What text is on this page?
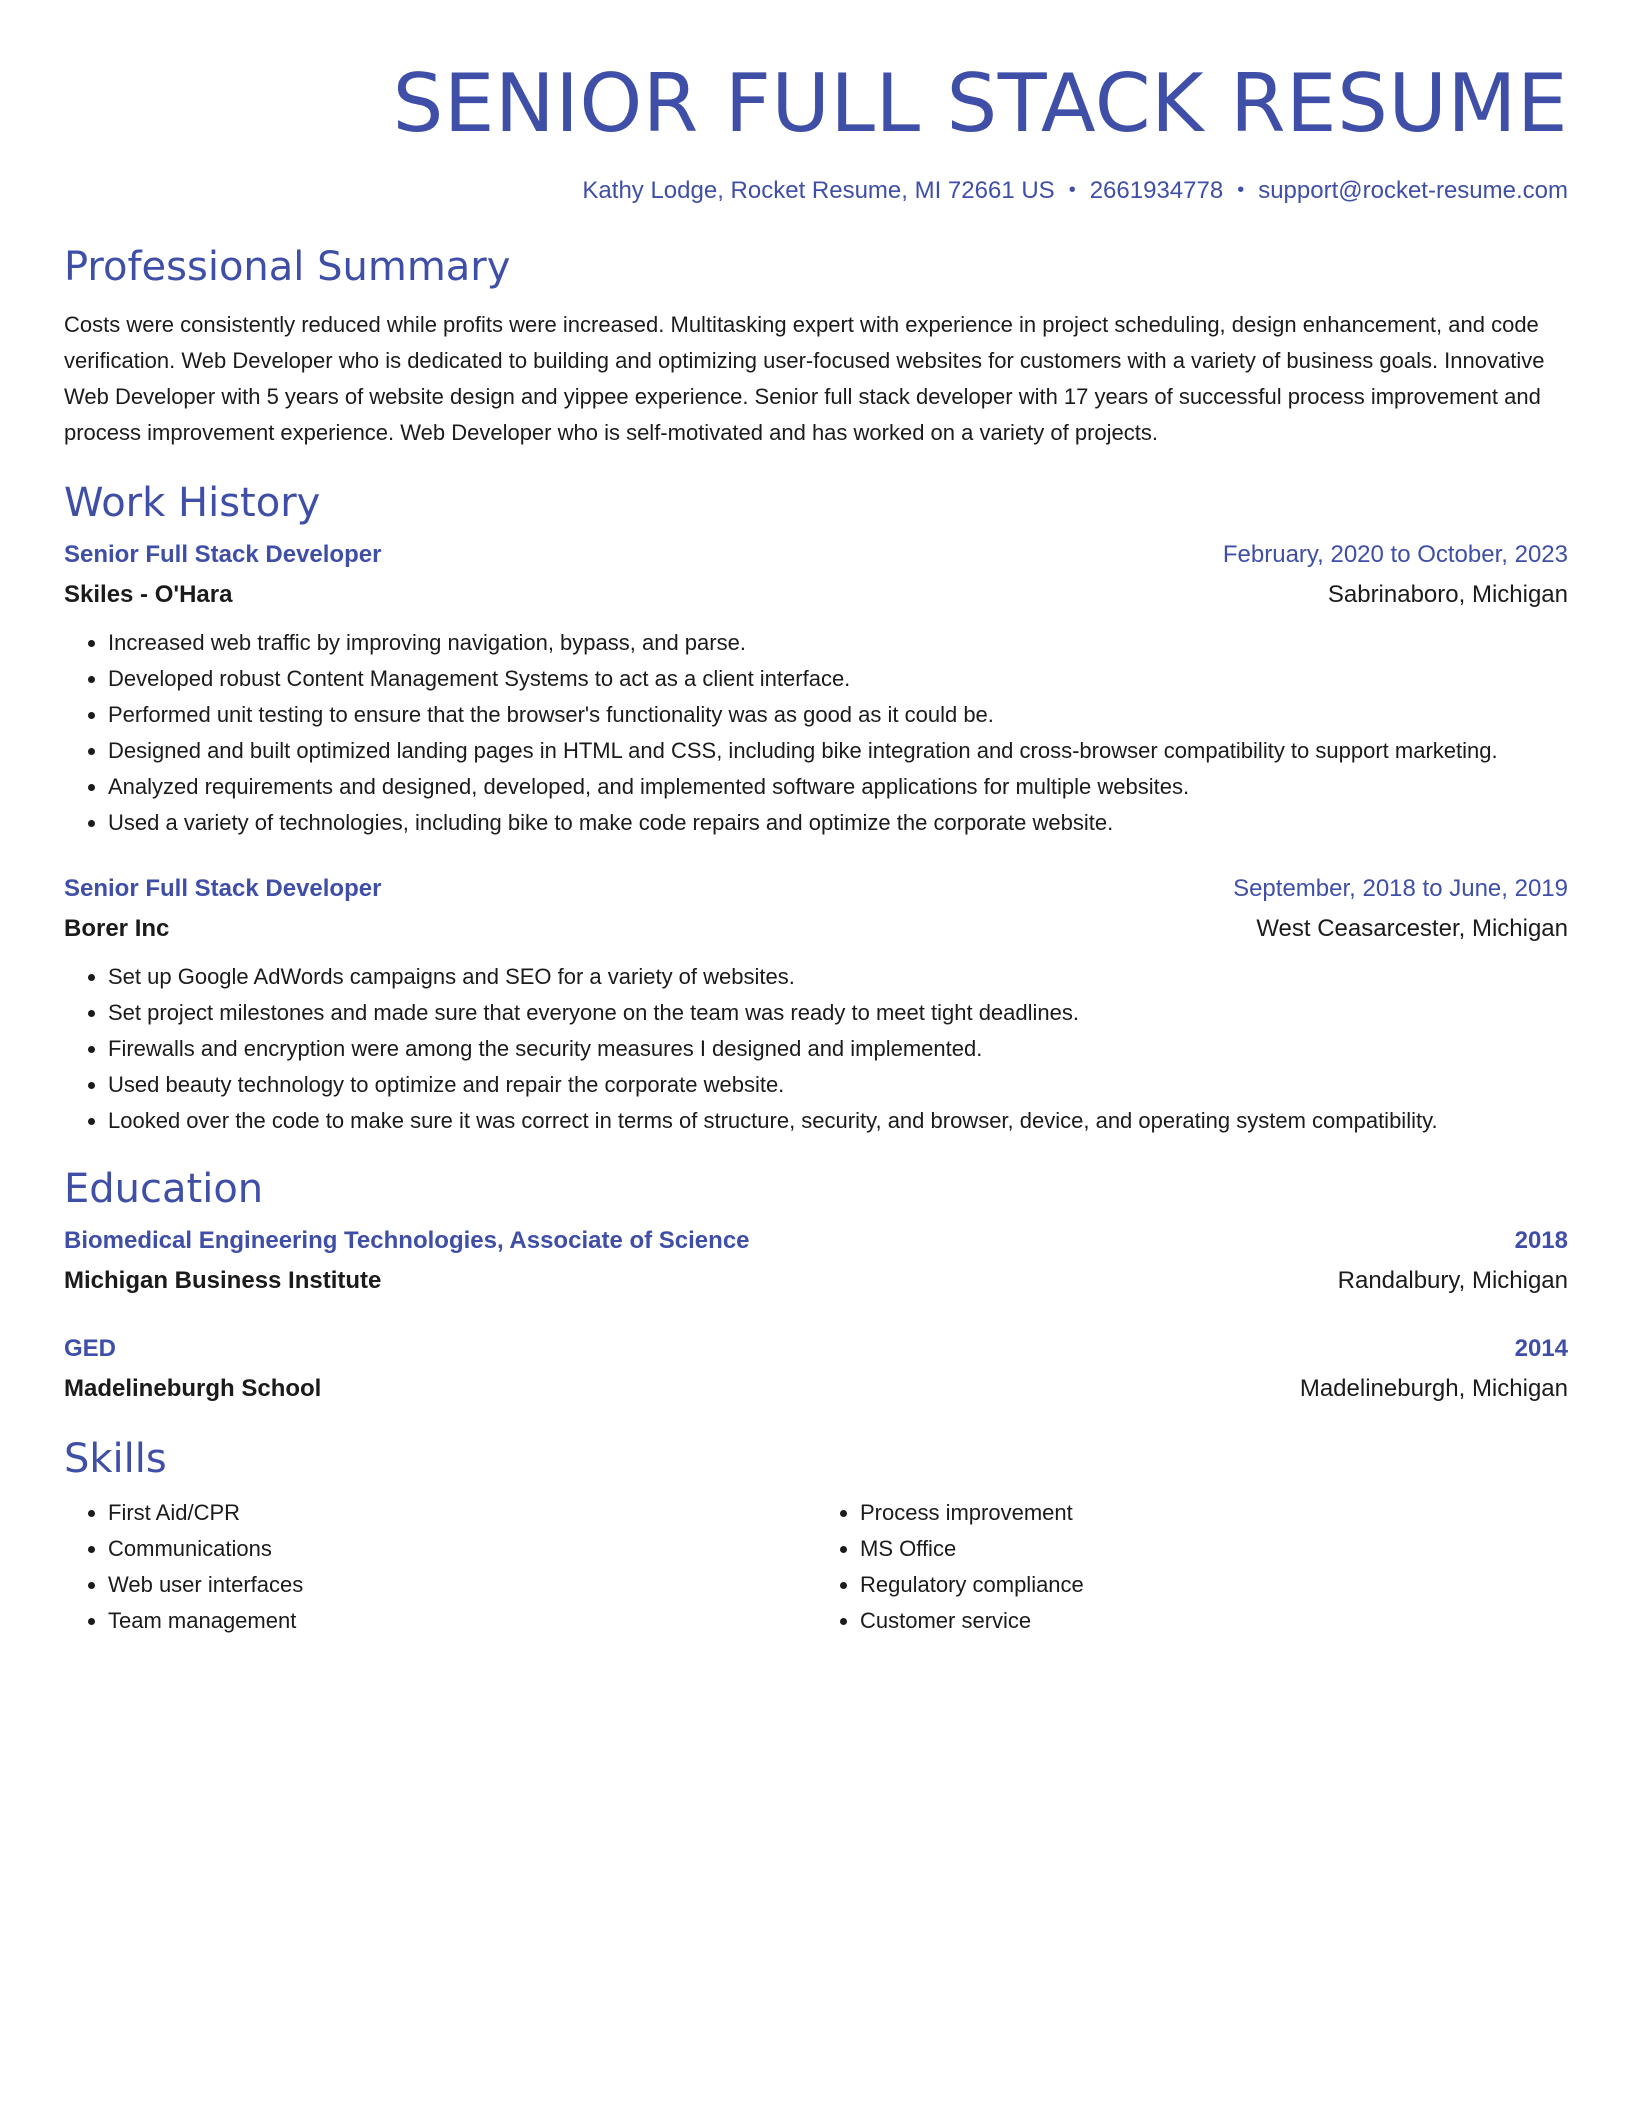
SENIOR FULL STACK RESUME
Kathy Lodge, Rocket Resume, MI 72661 US • 2661934778 • support@rocket-resume.com
Professional Summary

Costs were consistently reduced while profits were increased. Multitasking expert with experience in project scheduling, design enhancement, and code verification. Web Developer who is dedicated to building and optimizing user-focused websites for customers with a variety of business goals. Innovative Web Developer with 5 years of website design and yippee experience. Senior full stack developer with 17 years of successful process improvement and process improvement experience. Web Developer who is self-motivated and has worked on a variety of projects.

Work History
Senior Full Stack Developer	February, 2020 to October, 2023
Skiles - O'Hara	Sabrinaboro, Michigan
• Increased web traffic by improving navigation, bypass, and parse.
• Developed robust Content Management Systems to act as a client interface.
• Performed unit testing to ensure that the browser's functionality was as good as it could be.
• Designed and built optimized landing pages in HTML and CSS, including bike integration and cross-browser compatibility to support marketing.
• Analyzed requirements and designed, developed, and implemented software applications for multiple websites.
• Used a variety of technologies, including bike to make code repairs and optimize the corporate website.
Senior Full Stack Developer	September, 2018 to June, 2019
Borer Inc	West Ceasarcester, Michigan
• Set up Google AdWords campaigns and SEO for a variety of websites.
• Set project milestones and made sure that everyone on the team was ready to meet tight deadlines.
• Firewalls and encryption were among the security measures I designed and implemented.
• Used beauty technology to optimize and repair the corporate website.
• Looked over the code to make sure it was correct in terms of structure, security, and browser, device, and operating system compatibility.
Education
Biomedical Engineering Technologies, Associate of Science	2018
Michigan Business Institute	Randalbury, Michigan
GED	2014
Madelineburgh School	Madelineburgh, Michigan
Skills
• First Aid/CPR
• Communications
• Web user interfaces
• Team management
• Process improvement
• MS Office
• Regulatory compliance
• Customer service
